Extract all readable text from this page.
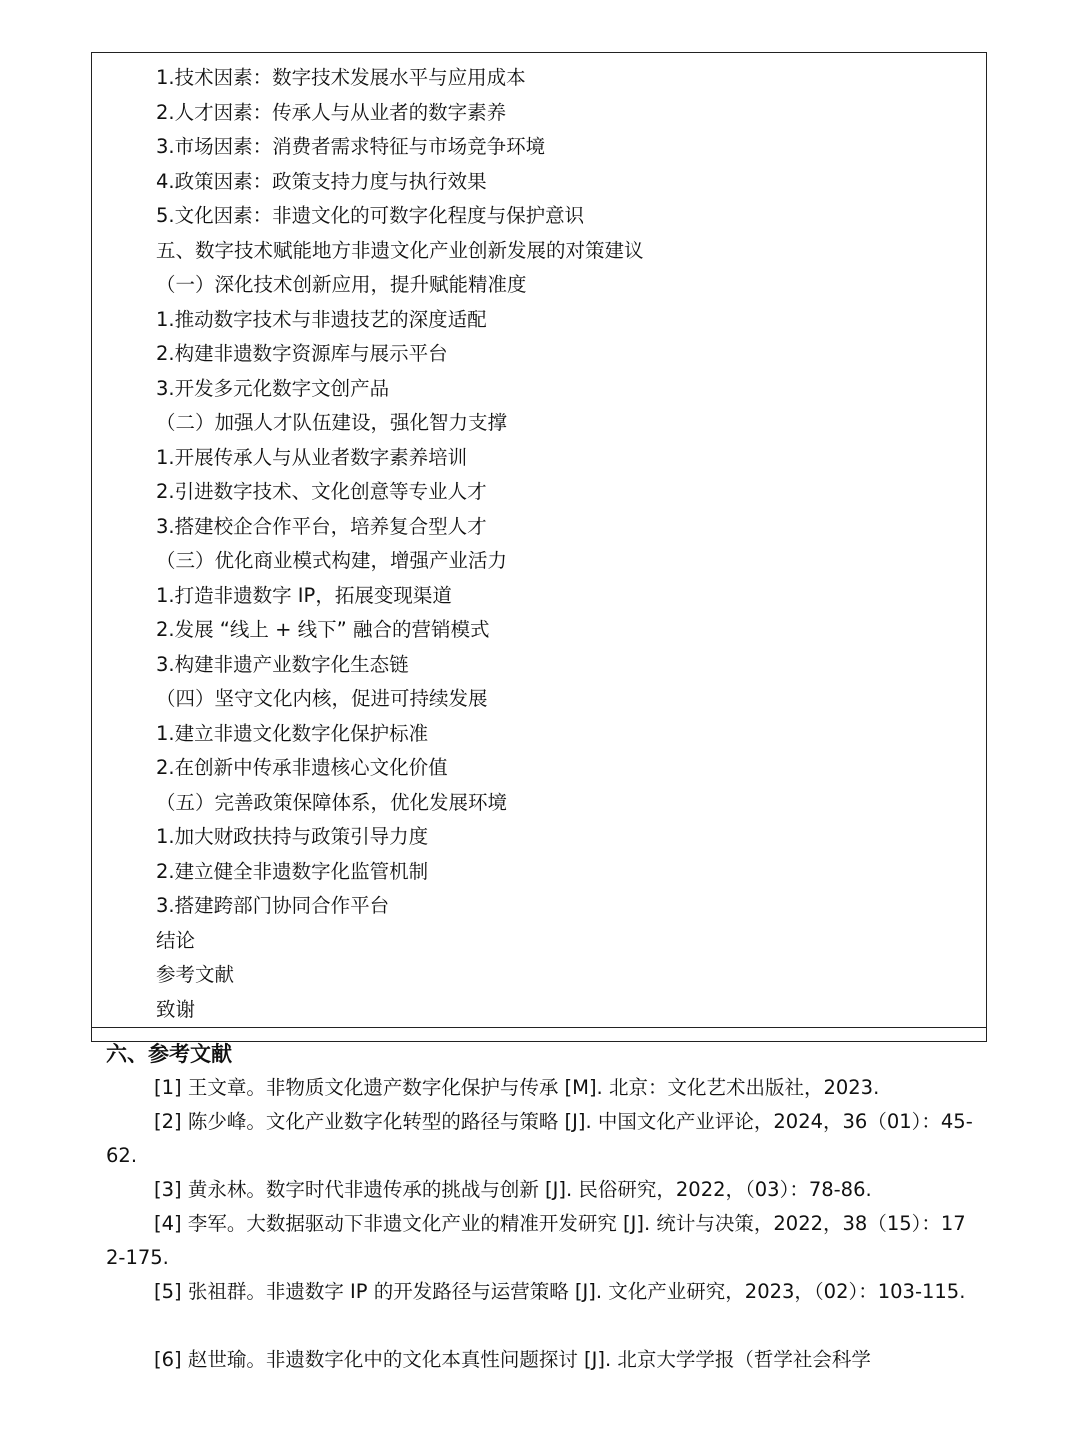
1.技术因素：数字技术发展水平与应用成本
2.人才因素：传承人与从业者的数字素养
3.市场因素：消费者需求特征与市场竞争环境
4.政策因素：政策支持力度与执行效果
5.文化因素：非遗文化的可数字化程度与保护意识
五、数字技术赋能地方非遗文化产业创新发展的对策建议
（一）深化技术创新应用，提升赋能精准度
1.推动数字技术与非遗技艺的深度适配
2.构建非遗数字资源库与展示平台
3.开发多元化数字文创产品
（二）加强人才队伍建设，强化智力支撑
1.开展传承人与从业者数字素养培训
2.引进数字技术、文化创意等专业人才
3.搭建校企合作平台，培养复合型人才
（三）优化商业模式构建，增强产业活力
1.打造非遗数字 IP，拓展变现渠道
2.发展 “线上 + 线下” 融合的营销模式
3.构建非遗产业数字化生态链
（四）坚守文化内核，促进可持续发展
1.建立非遗文化数字化保护标准
2.在创新中传承非遗核心文化价值
（五）完善政策保障体系，优化发展环境
1.加大财政扶持与政策引导力度
2.建立健全非遗数字化监管机制
3.搭建跨部门协同合作平台
结论
参考文献
致谢
六、参考文献
[1] 王文章。非物质文化遗产数字化保护与传承 [M]. 北京：文化艺术出版社，2023.
[2] 陈少峰。文化产业数字化转型的路径与策略 [J]. 中国文化产业评论，2024，36（01）：45-62.
[3] 黄永林。数字时代非遗传承的挑战与创新 [J]. 民俗研究，2022，（03）：78-86.
[4] 李军。大数据驱动下非遗文化产业的精准开发研究 [J]. 统计与决策，2022，38（15）：172-175.
[5] 张祖群。非遗数字 IP 的开发路径与运营策略 [J]. 文化产业研究，2023，（02）：103-115.
[6] 赵世瑜。非遗数字化中的文化本真性问题探讨 [J]. 北京大学学报（哲学社会科学
